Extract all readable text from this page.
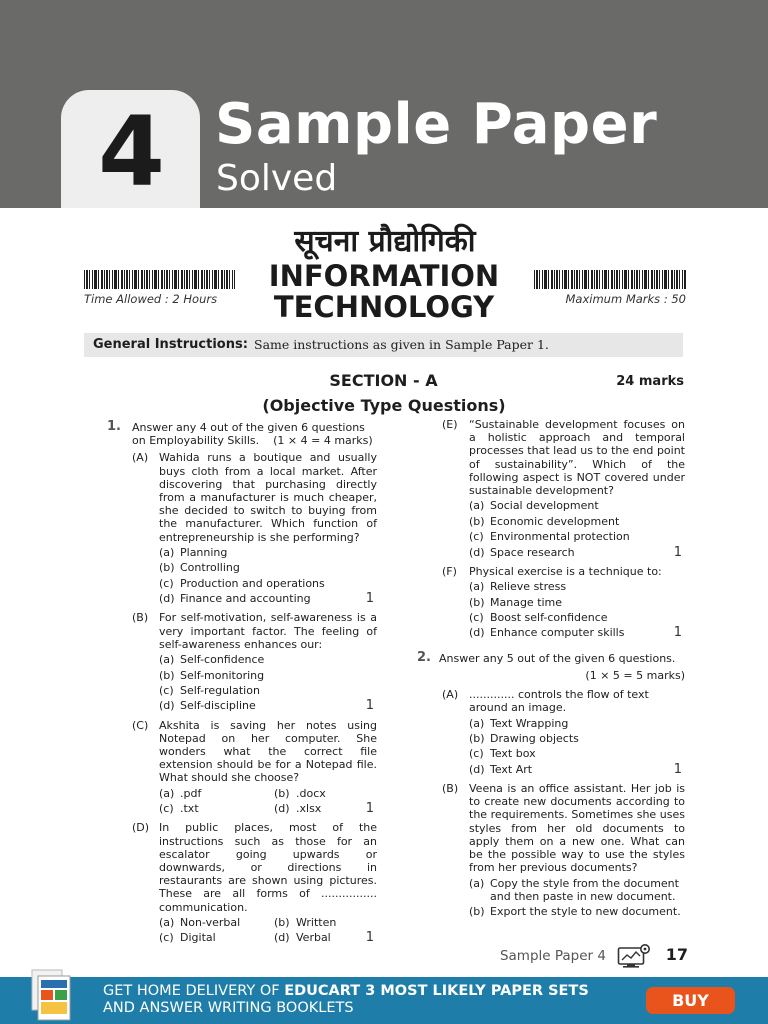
4 Sample Paper
Solved
सूचना प्रौद्योगिकी
INFORMATION
TECHNOLOGY
Time Allowed : 2 Hours	Maximum Marks : 50
General Instructions: Same instructions as given in Sample Paper 1.
SECTION - A	24 marks
(Objective Type Questions)
1. Answer any 4 out of the given 6 questions on Employability Skills. (1 × 4 = 4 marks)
(A) Wahida runs a boutique and usually buys cloth from a local market. After discovering that purchasing directly from a manufacturer is much cheaper, she decided to switch to buying from the manufacturer. Which function of entrepreneurship is she performing?
(a) Planning
(b) Controlling
(c) Production and operations
(d) Finance and accounting	1
(B) For self-motivation, self-awareness is a very important factor. The feeling of self-awareness enhances our:
(a) Self-confidence
(b) Self-monitoring
(c) Self-regulation
(d) Self-discipline	1
(C) Akshita is saving her notes using Notepad on her computer. She wonders what the correct file extension should be for a Notepad file. What should she choose?
(a) .pdf	(b) .docx
(c) .txt	(d) .xlsx	1
(D) In public places, most of the instructions such as those for an escalator going upwards or downwards, or directions in restaurants are shown using pictures. These are all forms of ................ communication.
(a) Non-verbal	(b) Written
(c) Digital	(d) Verbal	1
(E) “Sustainable development focuses on a holistic approach and temporal processes that lead us to the end point of sustainability”. Which of the following aspect is NOT covered under sustainable development?
(a) Social development
(b) Economic development
(c) Environmental protection
(d) Space research	1
(F) Physical exercise is a technique to:
(a) Relieve stress
(b) Manage time
(c) Boost self-confidence
(d) Enhance computer skills	1
2. Answer any 5 out of the given 6 questions.
(1 × 5 = 5 marks)
(A) ............. controls the flow of text around an image.
(a) Text Wrapping
(b) Drawing objects
(c) Text box
(d) Text Art	1
(B) Veena is an office assistant. Her job is to create new documents according to the requirements. Sometimes she uses styles from her old documents to apply them on a new one. What can be the possible way to use the styles from her previous documents?
(a) Copy the style from the document and then paste in new document.
(b) Export the style to new document.
Sample Paper 4	17
GET HOME DELIVERY OF EDUCART 3 MOST LIKELY PAPER SETS
AND ANSWER WRITING BOOKLETS	BUY
